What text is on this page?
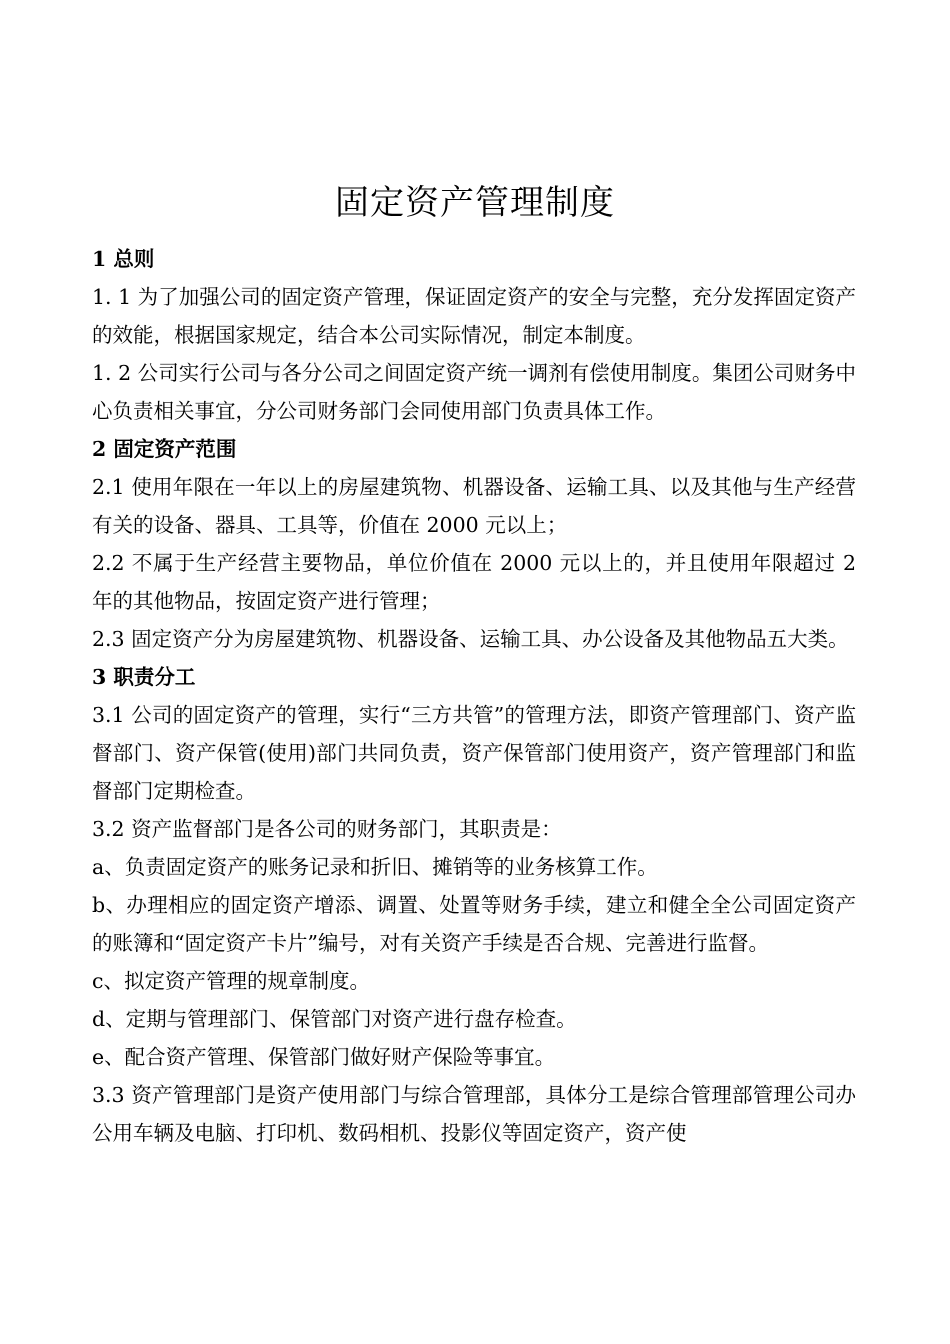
固定资产管理制度
1 总则

1. 1 为了加强公司的固定资产管理，保证固定资产的安全与完整，充分发挥固定资产的效能，根据国家规定，结合本公司实际情况，制定本制度。

1. 2 公司实行公司与各分公司之间固定资产统一调剂有偿使用制度。集团公司财务中心负责相关事宜，分公司财务部门会同使用部门负责具体工作。

2 固定资产范围

2.1 使用年限在一年以上的房屋建筑物、机器设备、运输工具、以及其他与生产经营有关的设备、器具、工具等，价值在 2000 元以上；

2.2 不属于生产经营主要物品，单位价值在 2000 元以上的，并且使用年限超过 2 年的其他物品，按固定资产进行管理；

2.3 固定资产分为房屋建筑物、机器设备、运输工具、办公设备及其他物品五大类。

3 职责分工

3.1 公司的固定资产的管理，实行“三方共管”的管理方法，即资产管理部门、资产监督部门、资产保管(使用)部门共同负责，资产保管部门使用资产，资产管理部门和监督部门定期检查。

3.2 资产监督部门是各公司的财务部门，其职责是：

a、负责固定资产的账务记录和折旧、摊销等的业务核算工作。

b、办理相应的固定资产增添、调置、处置等财务手续，建立和健全全公司固定资产的账簿和“固定资产卡片”编号，对有关资产手续是否合规、完善进行监督。

c、拟定资产管理的规章制度。

d、定期与管理部门、保管部门对资产进行盘存检查。

e、配合资产管理、保管部门做好财产保险等事宜。

3.3 资产管理部门是资产使用部门与综合管理部，具体分工是综合管理部管理公司办公用车辆及电脑、打印机、数码相机、投影仪等固定资产，资产使
